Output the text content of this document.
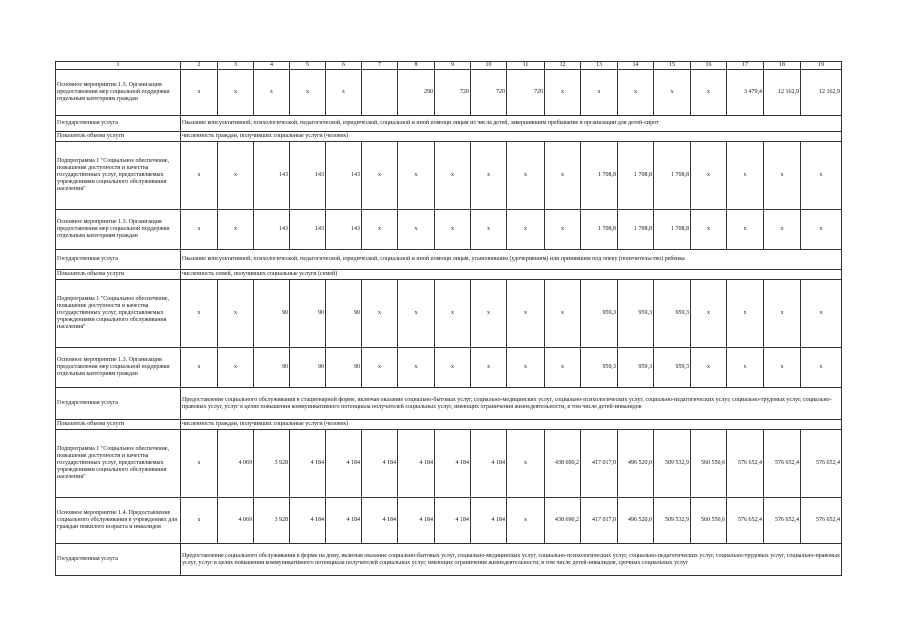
1	2	3	4	5	6	7	8	9	10	11	12	13	14	15	16	17	18	19	
Основное мероприятие 1.3. Организация предоставления мер социальной поддержки отдельным категориям граждан	x	x	x	x	x		290	720	720	720	x	x	x	x	x	3 479,4	12 162,9	12 162,9	
Государственная услуга	Оказание консультативной, психологической, педагогической, юридической, социальной и иной помощи лицам из числа детей, завершившим пребывание в организации для детей-сирот																		
Показатель объема услуги	численность граждан, получивших социальные услуги (человек)																		
Подпрограмма 1 "Социальное обеспечение, повышение доступности и качества государственных услуг, предоставляемых учреждениями социального обслуживания населения"	x	x	143	143	143	x	x	x	x	x	x	1 708,8	1 708,8	1 708,8	x	x	x	x	
Основное мероприятие 1.3. Организация предоставления мер социальной поддержки отдельным категориям граждан	x	x	143	143	143	x	x	x	x	x	x	1 708,8	1 708,8	1 708,8	x	x	x	x	
Государственная услуга	Оказание консультативной, психологической, педагогической, юридической, социальной и иной помощи лицам, усыновившим (удочерившим) или принявшим под опеку (попечительство) ребенка																		
Показатель объема услуги	численность семей, получивших социальные услуги (семей)																		
Подпрограмма 1 "Социальное обеспечение, повышение доступности и качества государственных услуг, предоставляемых учреждениями социального обслуживания населения"	x	x	90	90	90	x	x	x	x	x	x	959,3	959,3	959,3	x	x	x	x	
Основное мероприятие 1.3. Организация предоставления мер социальной поддержки отдельным категориям граждан	x	x	90	90	90	x	x	x	x	x	x	959,3	959,3	959,3	x	x	x	x	
Государственная услуга	Предоставление социального обслуживания в стационарной форме, включая оказание социально-бытовых услуг, социально-медицинских услуг, социально-психологических услуг, социально-педагогических услуг, социально-трудовых услуг, социально-правовых услуг, услуг в целях повышения коммуникативного потенциала получателей социальных услуг, имеющих ограничения жизнедеятельности, в том числе детей-инвалидов																		
Показатель объема услуги	численность граждан, получивших социальные услуги (человек)																		
Подпрограмма 1 "Социальное обеспечение, повышение доступности и качества государственных услуг, предоставляемых учреждениями социального обслуживания населения"	x	4 069	3 928	4 184	4 184	4 184	4 184	4 184	4 184	x	438 690,2	417 017,0	496 520,0	509 532,9	560 550,6	576 652,4	576 652,4	576 652,4	
Основное мероприятие 1.4. Предоставление социального обслуживания в учреждениях для граждан пожилого возраста и инвалидов	x	4 069	3 928	4 184	4 184	4 184	4 184	4 184	4 184	x	438 690,2	417 017,0	496 520,0	509 532,9	560 550,6	576 652,4	576 652,4	576 652,4	
Государственная услуга	Предоставление социального обслуживания в форме на дому, включая оказание социально-бытовых услуг, социально-медицинских услуг, социально-психологических услуг, социально-педагогических услуг, социально-трудовых услуг, социально-правовых услуг, услуг в целях повышения коммуникативного потенциала получателей социальных услуг, имеющих ограничения жизнедеятельности, в том числе детей-инвалидов, срочных социальных услуг																		
